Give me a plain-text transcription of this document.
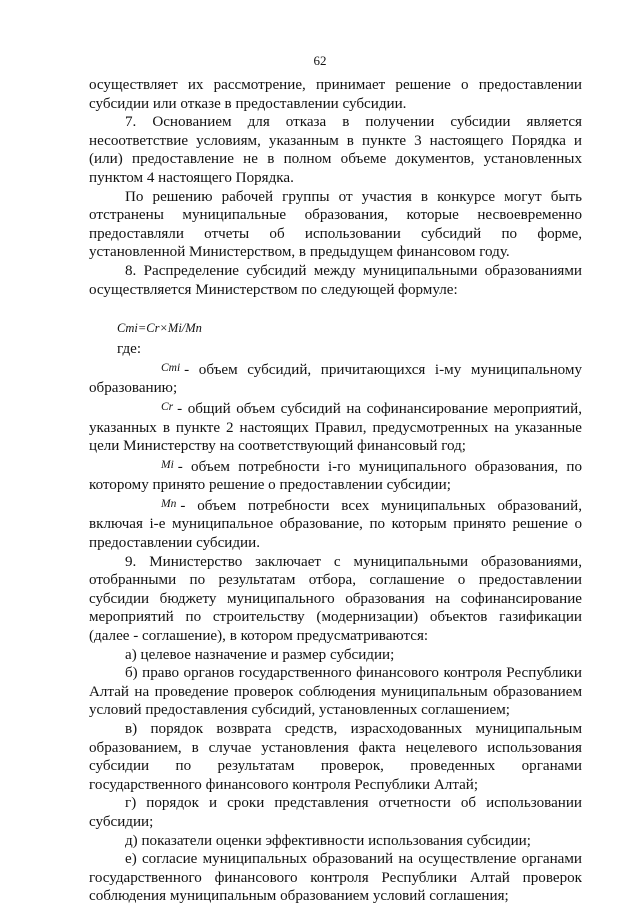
62

осуществляет их рассмотрение, принимает решение о предоставлении субсидии или отказе в предоставлении субсидии.

7. Основанием для отказа в получении субсидии является несоответствие условиям, указанным в пункте 3 настоящего Порядка и (или) предоставление не в полном объеме документов, установленных пунктом 4 настоящего Порядка.

По решению рабочей группы от участия в конкурсе могут быть отстранены муниципальные образования, которые несвоевременно предоставляли отчеты об использовании субсидий по форме, установленной Министерством, в предыдущем финансовом году.

8. Распределение субсидий между муниципальными образованиями осуществляется Министерством по следующей формуле:

Cmi=Cr×Mi/Mn

где:

Cmi - объем субсидий, причитающихся i-му муниципальному образованию;

Cr - общий объем субсидий на софинансирование мероприятий, указанных в пункте 2 настоящих Правил, предусмотренных на указанные цели Министерству на соответствующий финансовый год;

Mi - объем потребности i-го муниципального образования, по которому принято решение о предоставлении субсидии;

Mn - объем потребности всех муниципальных образований, включая i-е муниципальное образование, по которым принято решение о предоставлении субсидии.

9. Министерство заключает с муниципальными образованиями, отобранными по результатам отбора, соглашение о предоставлении субсидии бюджету муниципального образования на софинансирование мероприятий по строительству (модернизации) объектов газификации (далее - соглашение), в котором предусматриваются:

а) целевое назначение и размер субсидии;

б) право органов государственного финансового контроля Республики Алтай на проведение проверок соблюдения муниципальным образованием условий предоставления субсидий, установленных соглашением;

в) порядок возврата средств, израсходованных муниципальным образованием, в случае установления факта нецелевого использования субсидии по результатам проверок, проведенных органами государственного финансового контроля Республики Алтай;

г) порядок и сроки представления отчетности об использовании субсидии;

д) показатели оценки эффективности использования субсидии;

е) согласие муниципальных образований на осуществление органами государственного финансового контроля Республики Алтай проверок соблюдения муниципальным образованием условий соглашения;
